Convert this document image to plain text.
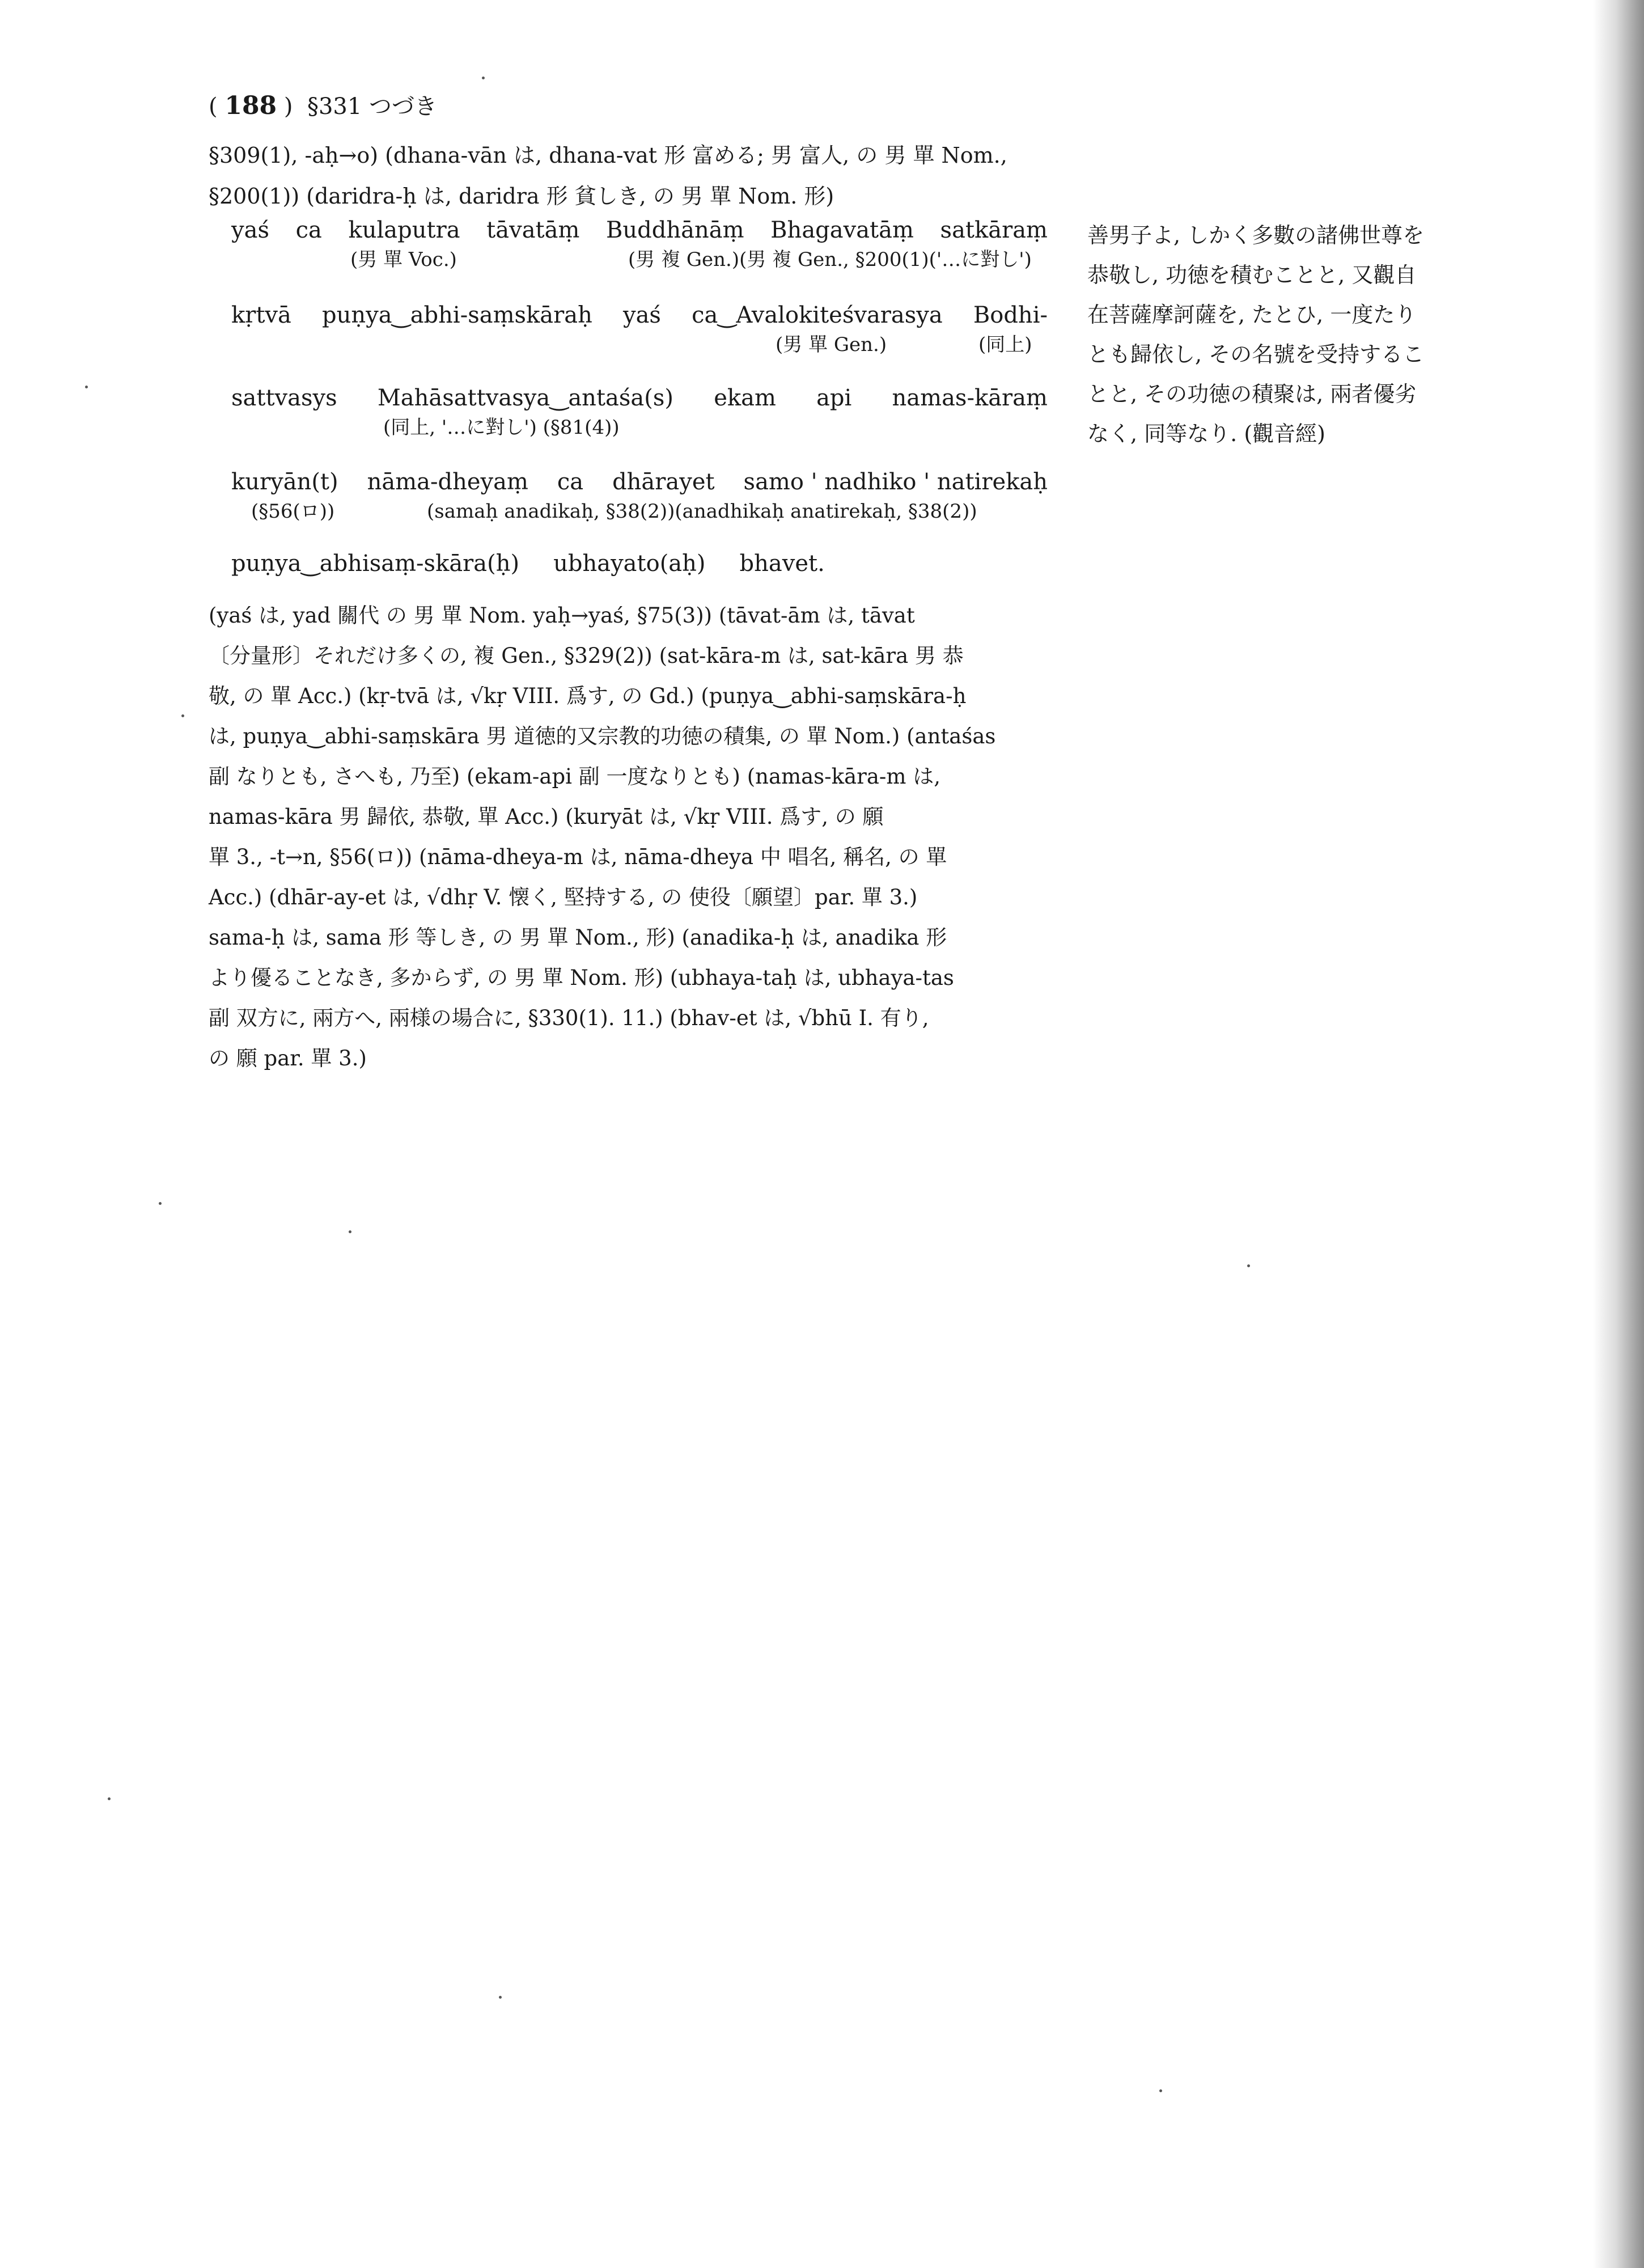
( 188 )  §331 つづき
§309(1), -aḥ→o) (dhana-vān は, dhana-vat 形 富める; 男 富人, の 男 單 Nom.,
§200(1)) (daridra-ḥ は, daridra 形 貧しき, の 男 單 Nom. 形)
yaś ca kulaputra tāvatāṃ Buddhānāṃ Bhagavatāṃ satkāraṃ
(男 單 Voc.)	(男 複 Gen.)(男 複 Gen., §200(1)('…に對し')
kṛtvā puṇya‿abhi-saṃskāraḥ yaś ca‿Avalokiteśvarasya Bodhi-
(男 單 Gen.)	(同上)
sattvasys Mahāsattvasya‿antaśa(s) ekam api namas-kāraṃ
(同上, '…に對し') (§81(4))
kuryān(t) nāma-dheyaṃ ca dhārayet samo ' nadhiko ' natirekaḥ
(§56(ロ))	(samaḥ anadikaḥ, §38(2))(anadhikaḥ anatirekaḥ, §38(2))
puṇya‿abhisaṃ-skāra(ḥ) ubhayato(aḥ) bhavet.
(yaś は, yad 關代 の 男 單 Nom. yaḥ→yaś, §75(3)) (tāvat-ām は, tāvat
〔分量形〕それだけ多くの, 複 Gen., §329(2)) (sat-kāra-m は, sat-kāra 男 恭
敬, の 單 Acc.) (kṛ-tvā は, √kṛ VIII. 爲す, の Gd.) (puṇya‿abhi-saṃskāra-ḥ
は, puṇya‿abhi-saṃskāra 男 道徳的又宗教的功徳の積集, の 單 Nom.) (antaśas
副 なりとも, さへも, 乃至) (ekam-api 副 一度なりとも) (namas-kāra-m は,
namas-kāra 男 歸依, 恭敬, 單 Acc.) (kuryāt は, √kṛ VIII. 爲す, の 願
單 3., -t→n, §56(ロ)) (nāma-dheya-m は, nāma-dheya 中 唱名, 稱名, の 單
Acc.) (dhār-ay-et は, √dhṛ V. 懐く, 堅持する, の 使役〔願望〕par. 單 3.)
sama-ḥ は, sama 形 等しき, の 男 單 Nom., 形) (anadika-ḥ は, anadika 形
より優ることなき, 多からず, の 男 單 Nom. 形) (ubhaya-taḥ は, ubhaya-tas
副 双方に, 兩方へ, 兩様の場合に, §330(1). 11.) (bhav-et は, √bhū I. 有り,
の 願 par. 單 3.)
善男子よ, しかく多數の諸佛世尊を
恭敬し, 功徳を積むことと, 又觀自
在菩薩摩訶薩を, たとひ, 一度たり
とも歸依し, その名號を受持するこ
とと, その功徳の積聚は, 兩者優劣
なく, 同等なり. (觀音經)
